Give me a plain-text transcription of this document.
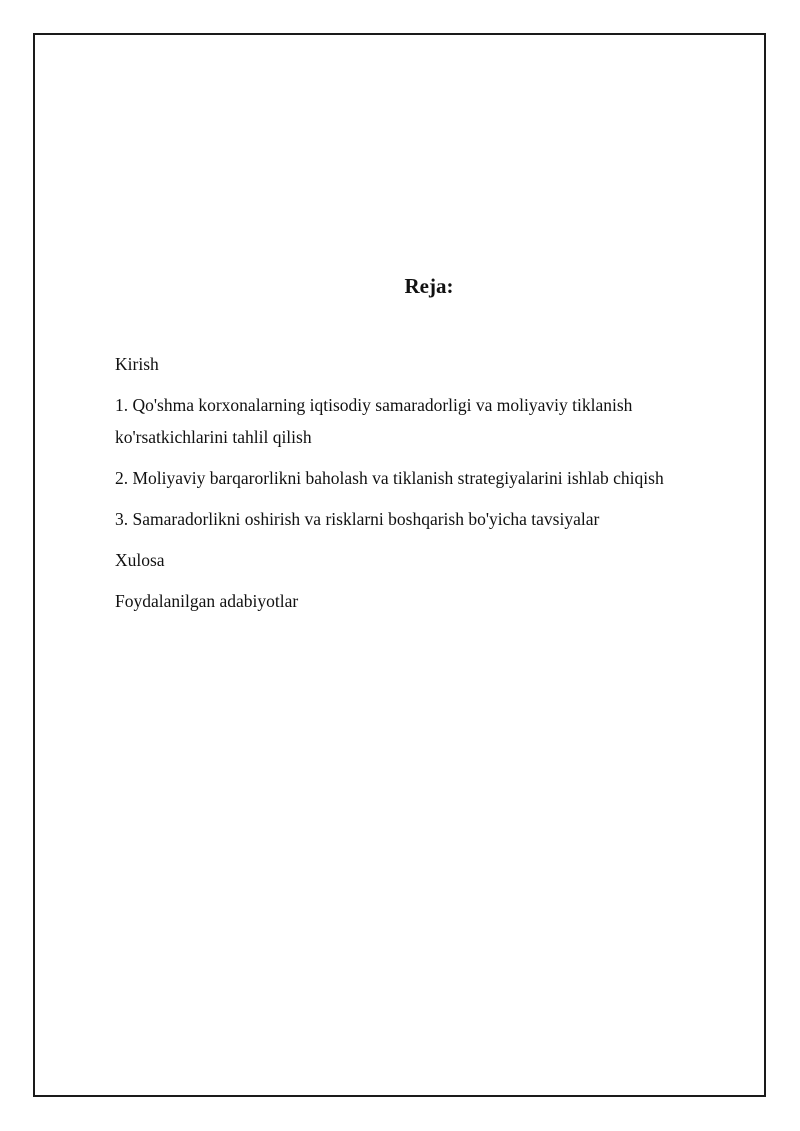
Reja:
Kirish
1. Qo'shma korxonalarning iqtisodiy samaradorligi va moliyaviy tiklanish ko'rsatkichlarini tahlil qilish
2. Moliyaviy barqarorlikni baholash va tiklanish strategiyalarini ishlab chiqish
3. Samaradorlikni oshirish va risklarni boshqarish bo'yicha tavsiyalar
Xulosa
Foydalanilgan adabiyotlar
